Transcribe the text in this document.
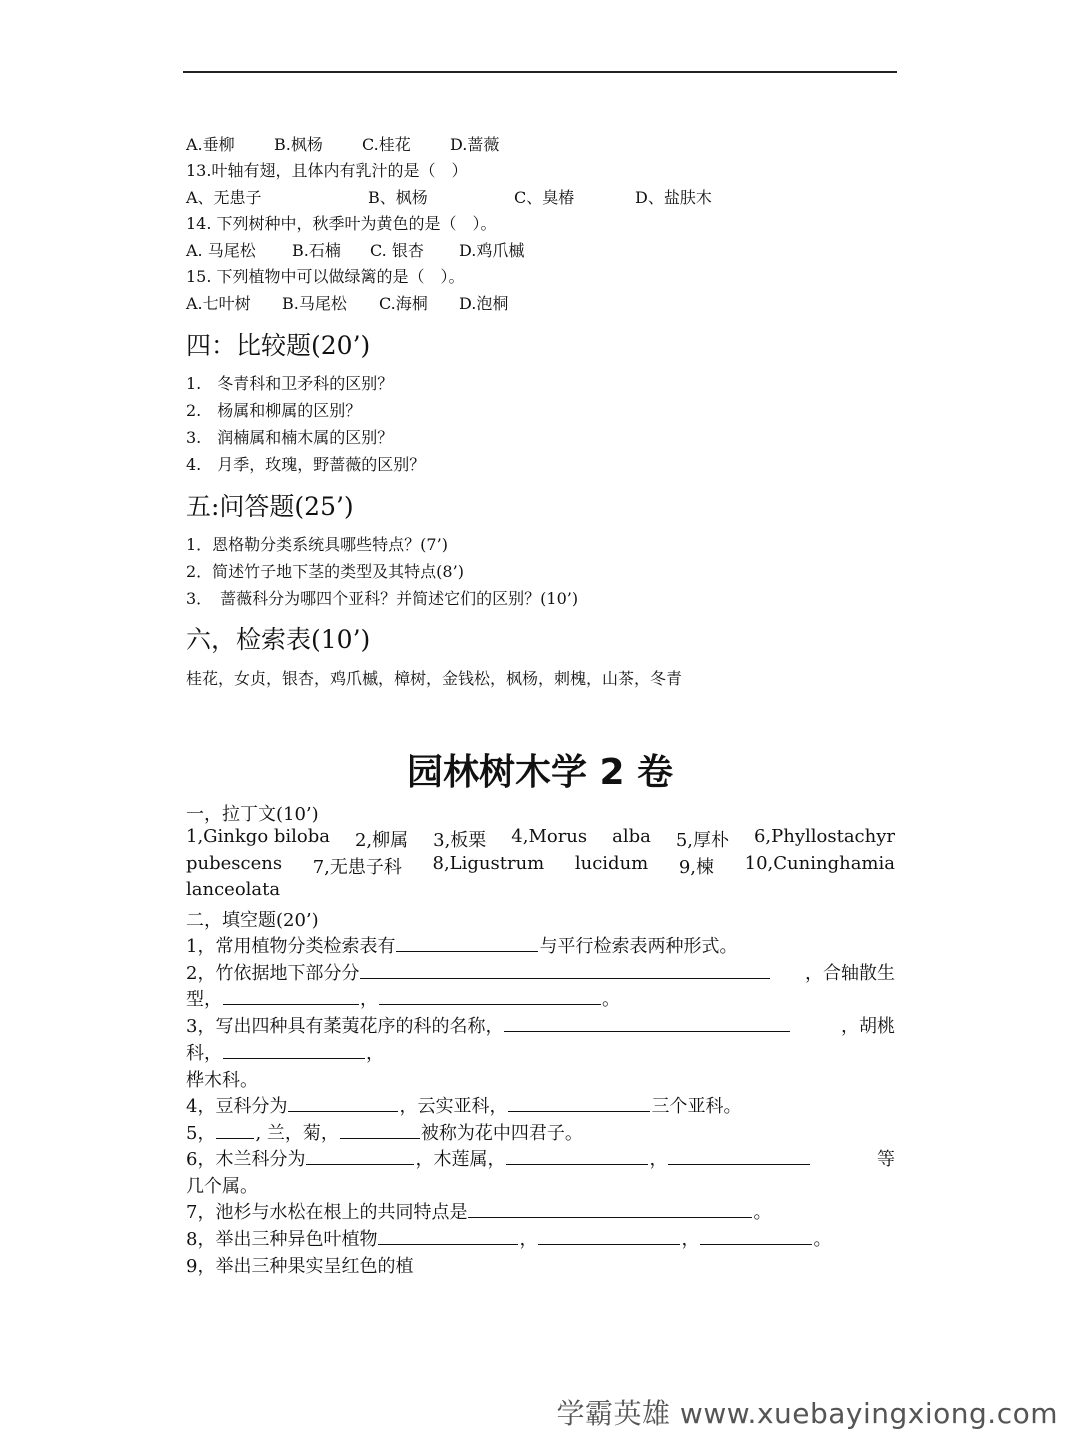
A.垂柳 B.枫杨 C.桂花 D.蔷薇
13.叶轴有翅，且体内有乳汁的是（　）
A、无患子	B、枫杨	C、臭椿	D、盐肤木
14. 下列树种中，秋季叶为黄色的是（　）。
A. 马尾松 B.石楠 C. 银杏 D.鸡爪槭
15. 下列植物中可以做绿篱的是（　）。
A.七叶树 B.马尾松 C.海桐 D.泡桐
四：比较题(20’)
1.　冬青科和卫矛科的区别？
2.　杨属和柳属的区别？
3.　润楠属和楠木属的区别？
4.　月季，玫瑰，野蔷薇的区别？
五:问答题(25’)
1．恩格勒分类系统具哪些特点？(7’)
2．简述竹子地下茎的类型及其特点(8’)
3．　蔷薇科分为哪四个亚科？并简述它们的区别？(10’)
六，检索表(10’)
桂花，女贞，银杏，鸡爪槭，樟树，金钱松，枫杨，刺槐，山茶，冬青
园林树木学 2 卷
一，拉丁文(10’)
1,Ginkgo biloba 2,柳属 3,板栗 4,Morus alba 5,厚朴 6,Phyllostachyr
pubescens 7,无患子科 8,Ligustrum lucidum 9,楝 10,Cuninghamia
lanceolata
二，填空题(20’)
1，常用植物分类检索表有	与平行检索表两种形式。
2，竹依据地下部分分	，合轴散生
型，	，	。
3，写出四种具有葇荑花序的科的名称，	，胡桃
科，	，
桦木科。
4，豆科分为	，云实亚科，	三个亚科。
5， , 兰，菊，	被称为花中四君子。
6，木兰科分为	，木莲属，	，	等
几个属。
7，池杉与水松在根上的共同特点是	。
8，举出三种异色叶植物	，	，	。
9，举出三种果实呈红色的植
学霸英雄 www.xuebayingxiong.com
